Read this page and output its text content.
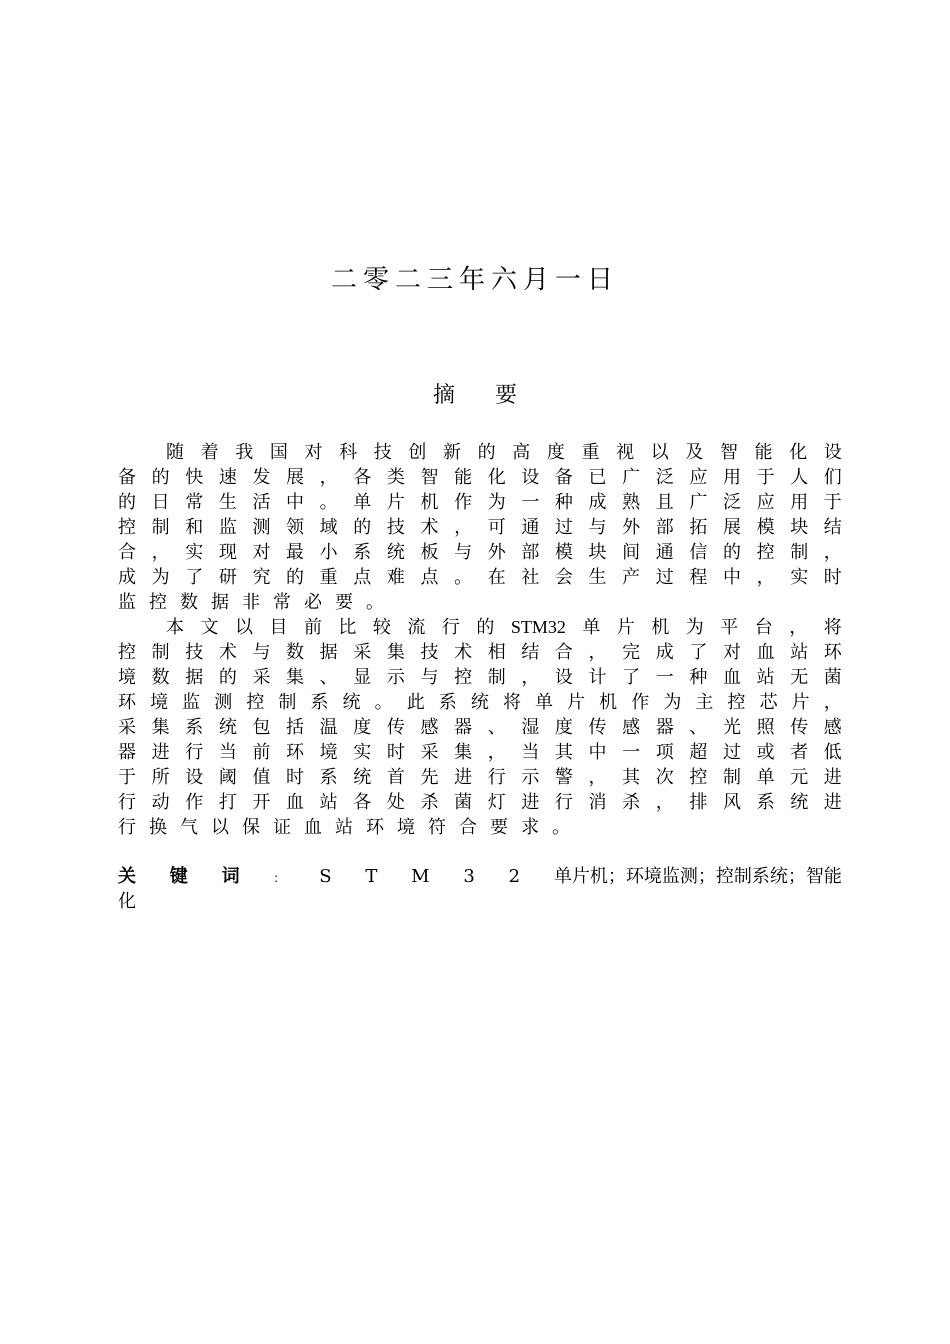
二零二三年六月一日
摘 要
随 着 我 国 对 科 技 创 新 的 高 度 重 视 以 及 智 能 化 设
备 的 快 速 发 展 ， 各 类 智 能 化 设 备 已 广 泛 应 用 于 人 们
的 日 常 生 活 中 。 单 片 机 作 为 一 种 成 熟 且 广 泛 应 用 于
控 制 和 监 测 领 域 的 技 术 ， 可 通 过 与 外 部 拓 展 模 块 结
合 ， 实 现 对 最 小 系 统 板 与 外 部 模 块 间 通 信 的 控 制 ，
成 为 了 研 究 的 重 点 难 点 。 在 社 会 生 产 过 程 中 ， 实 时
监 控 数 据 非 常 必 要 。
本 文 以 目 前 比 较 流 行 的 STM32 单 片 机 为 平 台 ， 将
控 制 技 术 与 数 据 采 集 技 术 相 结 合 ， 完 成 了 对 血 站 环
境 数 据 的 采 集 、 显 示 与 控 制 ， 设 计 了 一 种 血 站 无 菌
环 境 监 测 控 制 系 统 。 此 系 统 将 单 片 机 作 为 主 控 芯 片 ，
采 集 系 统 包 括 温 度 传 感 器 、 湿 度 传 感 器 、 光 照 传 感
器 进 行 当 前 环 境 实 时 采 集 ， 当 其 中 一 项 超 过 或 者 低
于 所 设 阈 值 时 系 统 首 先 进 行 示 警 ， 其 次 控 制 单 元 进
行 动 作 打 开 血 站 各 处 杀 菌 灯 进 行 消 杀 ， 排 风 系 统 进
行 换 气 以 保 证 血 站 环 境 符 合 要 求 。
关 键 词	： S T M 3 2 单片机；环境监测；控制系统；智能
化
